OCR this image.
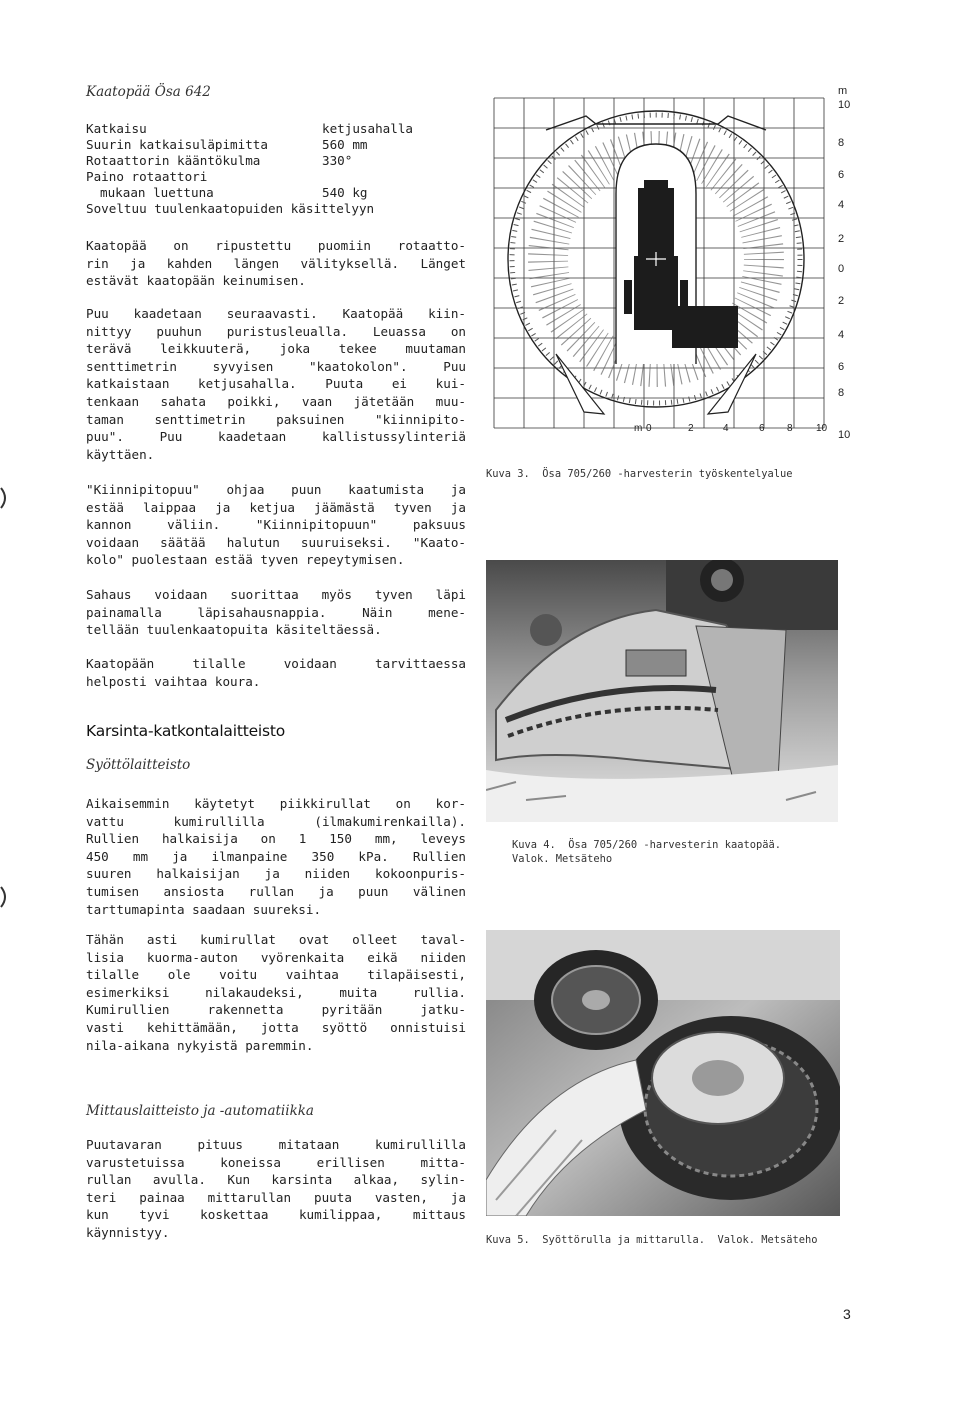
Kaatopää Ösa 642
Katkaisu	ketjusahalla
Suurin katkaisuläpimitta	560 mm
Rotaattorin kääntökulma	330°
Paino rotaattori
mukaan luettuna	540 kg
Soveltuu tuulenkaatopuiden käsittelyyn
Kaatopää on ripustettu puomiin rotaatto-
rin ja kahden längen välityksellä. Länget
estävät kaatopään keinumisen.
Puu kaadetaan seuraavasti. Kaatopää kiin-
nittyy puuhun puristusleualla. Leuassa on
terävä leikkuuterä, joka tekee muutaman
senttimetrin syvyisen "kaatokolon". Puu
katkaistaan ketjusahalla. Puuta ei kui-
tenkaan sahata poikki, vaan jätetään muu-
taman senttimetrin paksuinen "kiinnipito-
puu". Puu kaadetaan kallistussylinteriä
käyttäen.
"Kiinnipitopuu" ohjaa puun kaatumista ja
estää laippaa ja ketjua jäämästä tyven ja
kannon väliin. "Kiinnipitopuun" paksuus
voidaan säätää halutun suuruiseksi. "Kaato-
kolo" puolestaan estää tyven repeytymisen.
Sahaus voidaan suorittaa myös tyven läpi
painamalla läpisahausnappia. Näin mene-
tellään tuulenkaatopuita käsiteltäessä.
Kaatopään tilalle voidaan tarvittaessa
helposti vaihtaa koura.
Karsinta-katkontalaitteisto
Syöttölaitteisto
Aikaisemmin käytetyt piikkirullat on kor-
vattu kumirullilla (ilmakumirenkailla).
Rullien halkaisija on 1 150 mm, leveys
450 mm ja ilmanpaine 350 kPa. Rullien
suuren halkaisijan ja niiden kokoonpuris-
tumisen ansiosta rullan ja puun välinen
tarttumapinta saadaan suureksi.
Tähän asti kumirullat ovat olleet taval-
lisia kuorma-auton vyörenkaita eikä niiden
tilalle ole voitu vaihtaa tilapäisesti,
esimerkiksi nilakaudeksi, muita rullia.
Kumirullien rakennetta pyritään jatku-
vasti kehittämään, jotta syöttö onnistuisi
nila-aikana nykyistä paremmin.
Mittauslaitteisto ja -automatiikka
Puutavaran pituus mitataan kumirullilla
varustetuissa koneissa erillisen mitta-
rullan avulla. Kun karsinta alkaa, sylin-
teri painaa mittarullan puuta vasten, ja
kun tyvi koskettaa kumilippaa, mittaus
käynnistyy.
m
10
8
6
4
2
0
2
4
6
8
10
m 0	2	4	6 8 10
Kuva 3.  Ösa 705/260 -harvesterin työskentelyalue
Kuva 4.  Ösa 705/260 -harvesterin kaatopää.
Valok. Metsäteho
Kuva 5.  Syöttörulla ja mittarulla.  Valok. Metsäteho
3
